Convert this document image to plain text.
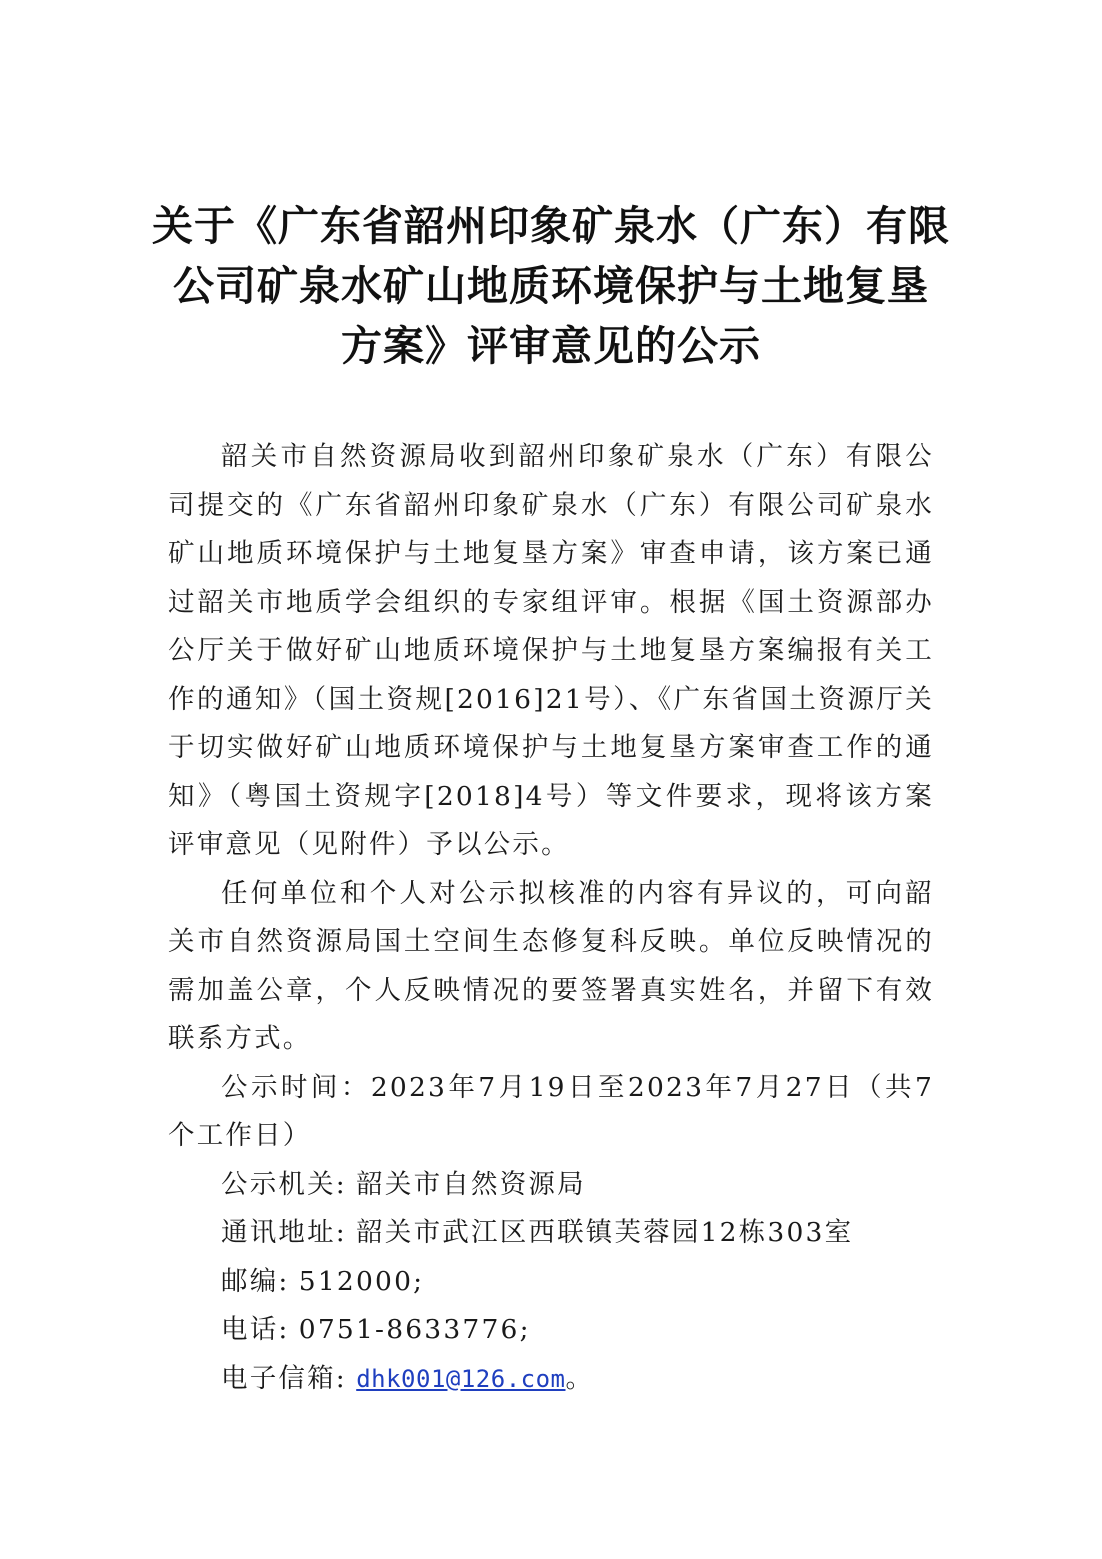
关于《广东省韶州印象矿泉水（广东）有限
公司矿泉水矿山地质环境保护与土地复垦
方案》评审意见的公示

韶关市自然资源局收到韶州印象矿泉水（广东）有限公司提交的《广东省韶州印象矿泉水（广东）有限公司矿泉水矿山地质环境保护与土地复垦方案》审查申请，该方案已通过韶关市地质学会组织的专家组评审。根据《国土资源部办公厅关于做好矿山地质环境保护与土地复垦方案编报有关工作的通知》（国土资规[2016]21号）、《广东省国土资源厅关于切实做好矿山地质环境保护与土地复垦方案审查工作的通知》（粤国土资规字[2018]4号）等文件要求，现将该方案评审意见（见附件）予以公示。

任何单位和个人对公示拟核准的内容有异议的，可向韶关市自然资源局国土空间生态修复科反映。单位反映情况的需加盖公章，个人反映情况的要签署真实姓名，并留下有效联系方式。

公示时间：2023年7月19日至2023年7月27日（共7个工作日）

公示机关: 韶关市自然资源局

通讯地址: 韶关市武江区西联镇芙蓉园12栋303室

邮编: 512000;

电话: 0751-8633776;

电子信箱: dhk001@126.com。
